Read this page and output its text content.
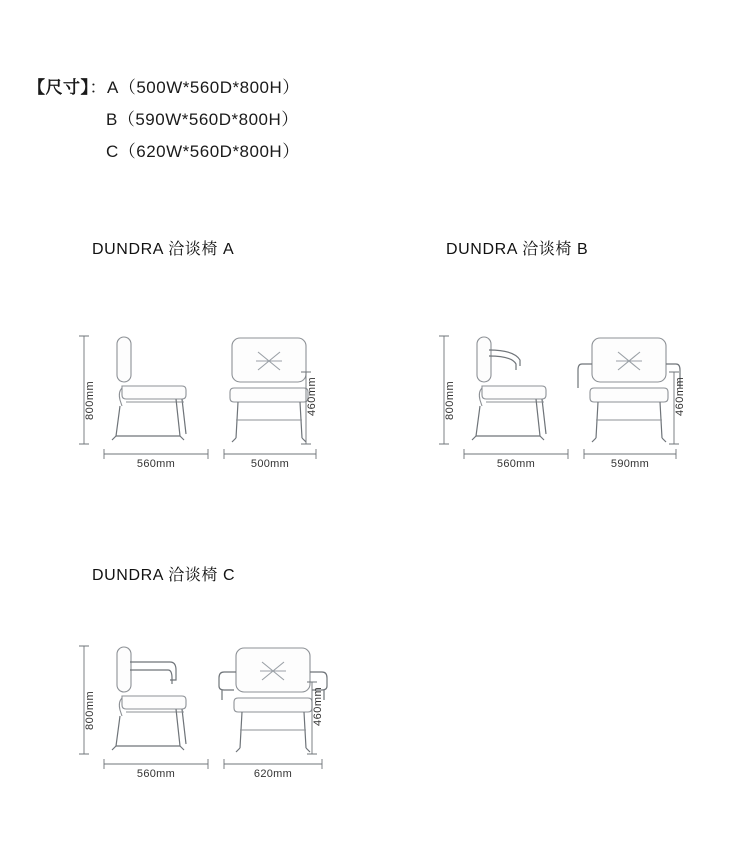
【尺寸】：A（500W*560D*800H）
B（590W*560D*800H）
C（620W*560D*800H）
DUNDRA 洽谈椅 A
800mm
560mm
460mm
500mm
DUNDRA 洽谈椅 B
800mm
560mm
460mm
590mm
DUNDRA 洽谈椅 C
800mm
560mm
460mm
620mm
